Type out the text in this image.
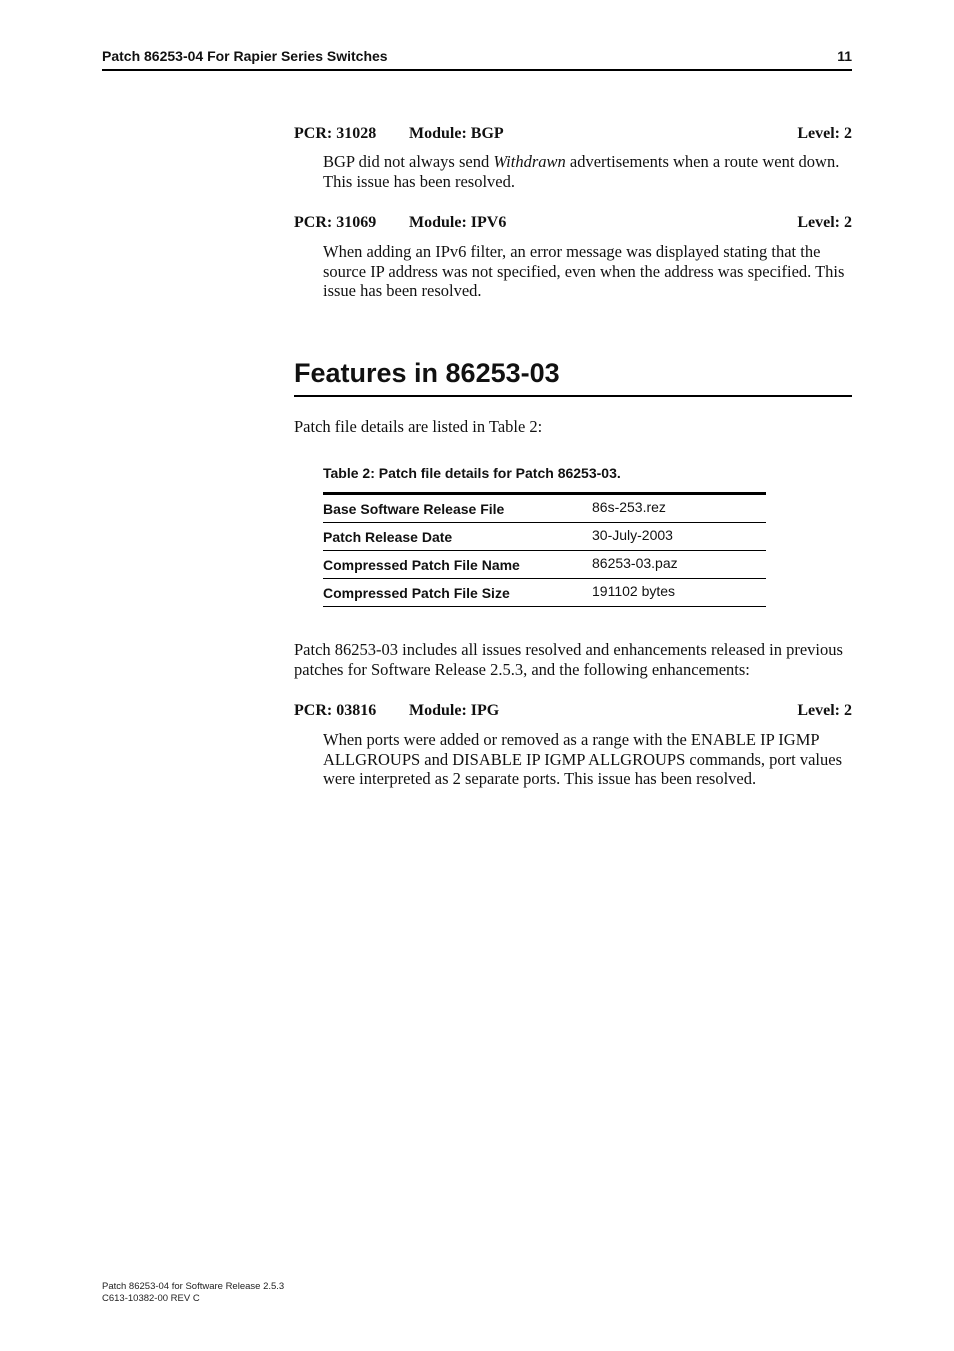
Patch 86253-04 For Rapier Series Switches	11
PCR: 31028 Module: BGP	Level: 2

BGP did not always send Withdrawn advertisements when a route went down. This issue has been resolved.

PCR: 31069 Module: IPV6	Level: 2

When adding an IPv6 filter, an error message was displayed stating that the source IP address was not specified, even when the address was specified. This issue has been resolved.

Features in 86253-03

Patch file details are listed in Table 2:

Table 2: Patch file details for Patch 86253-03.
Base Software Release File	86s-253.rez
Patch Release Date	30-July-2003
Compressed Patch File Name	86253-03.paz
Compressed Patch File Size	191102 bytes

Patch 86253-03 includes all issues resolved and enhancements released in previous patches for Software Release 2.5.3, and the following enhancements:

PCR: 03816 Module: IPG	Level: 2

When ports were added or removed as a range with the ENABLE IP IGMP ALLGROUPS and DISABLE IP IGMP ALLGROUPS commands, port values were interpreted as 2 separate ports. This issue has been resolved.

Patch 86253-04 for Software Release 2.5.3
C613-10382-00 REV C
